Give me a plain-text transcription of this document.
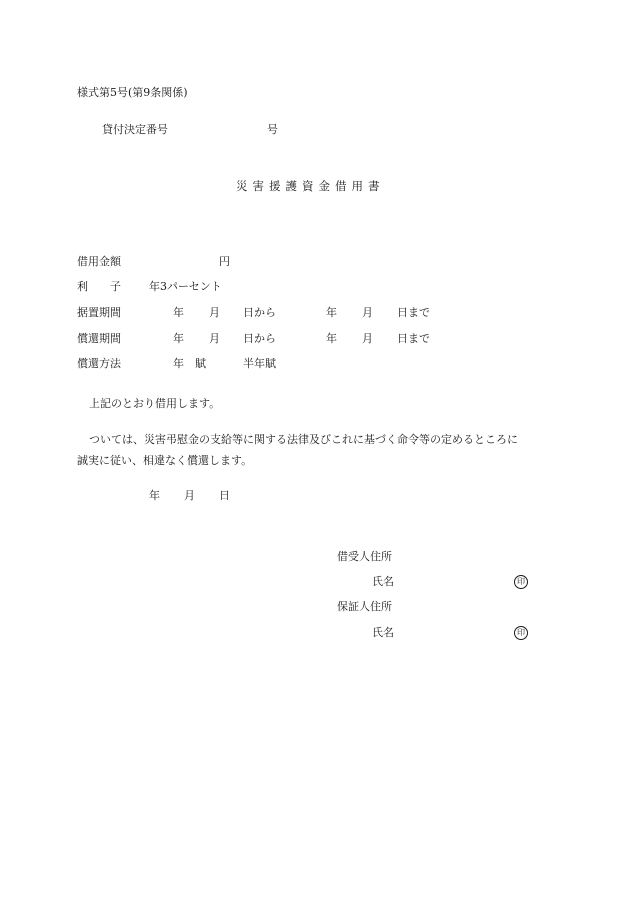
様式第5号(第9条関係)
貸付決定番号	号
災害援護資金借用書
借用金額	円
利　　子	年3パーセント
据置期間	年 月 日から	年 月 日まで
償還期間	年 月 日から	年 月 日まで
償還方法	年　賦	半年賦
上記のとおり借用します。
ついては、災害弔慰金の支給等に関する法律及びこれに基づく命令等の定めるところに
誠実に従い、相違なく償還します。
年 月 日
借受人住所
氏名	印
保証人住所
氏名	印
